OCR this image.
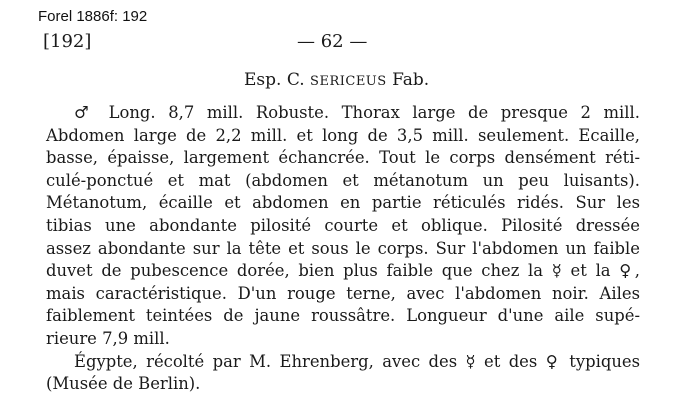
Forel 1886f: 192
[192]	— 62 —
Esp. C. SERICEUS Fab.
♂ Long. 8,7 mill. Robuste. Thorax large de presque 2 mill.
Abdomen large de 2,2 mill. et long de 3,5 mill. seulement. Ecaille,
basse, épaisse, largement échancrée. Tout le corps densément réti-
culé-ponctué et mat (abdomen et métanotum un peu luisants).
Métanotum, écaille et abdomen en partie réticulés ridés. Sur les
tibias une abondante pilosité courte et oblique. Pilosité dressée
assez abondante sur la tête et sous le corps. Sur l'abdomen un faible
duvet de pubescence dorée, bien plus faible que chez la ☿ et la ♀,
mais caractéristique. D'un rouge terne, avec l'abdomen noir. Ailes
faiblement teintées de jaune roussâtre. Longueur d'une aile supé-
rieure 7,9 mill.
Égypte, récolté par M. Ehrenberg, avec des ☿ et des ♀ typiques
(Musée de Berlin).
